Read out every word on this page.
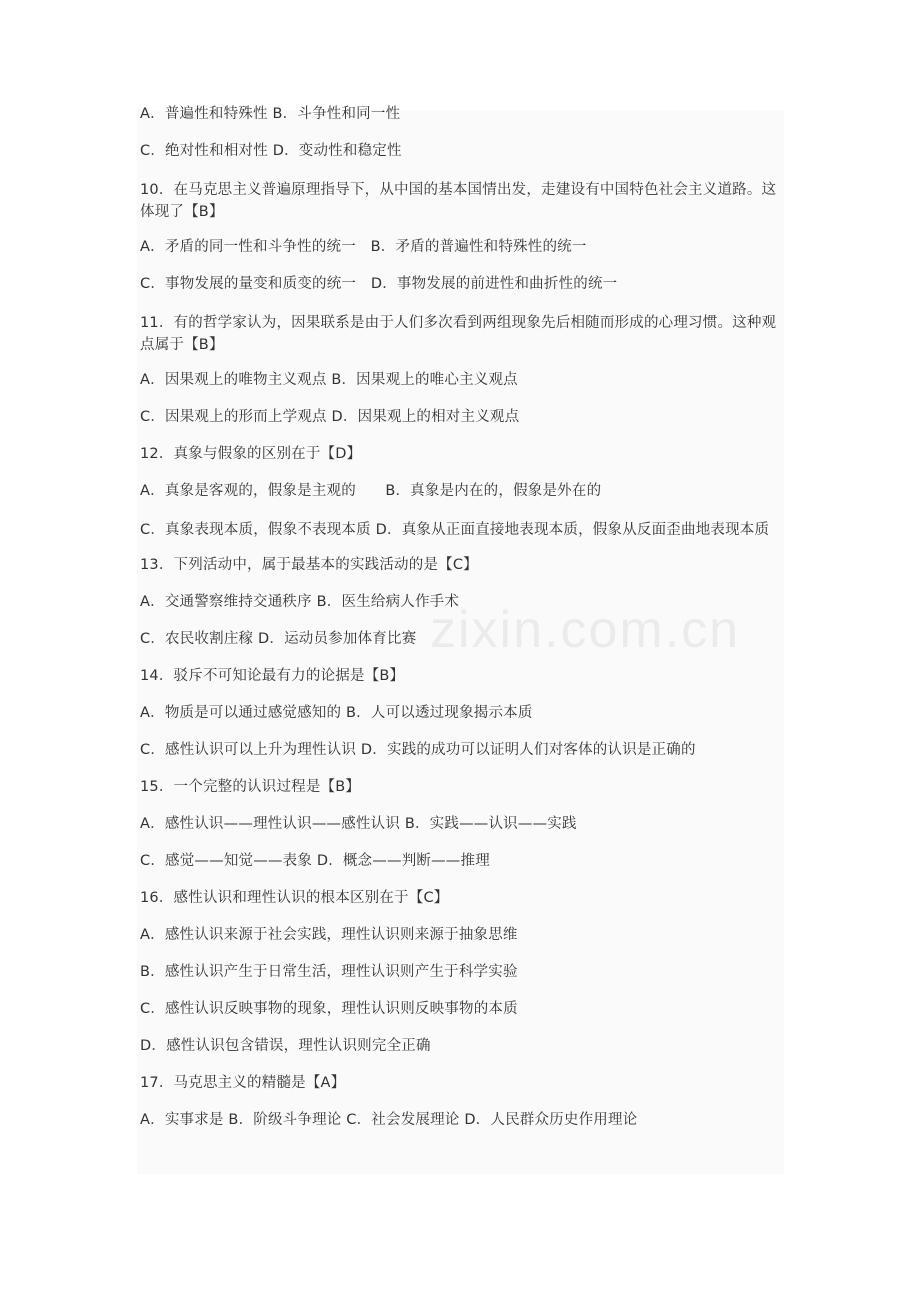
A．普遍性和特殊性 B．斗争性和同一性
C．绝对性和相对性 D．变动性和稳定性
10．在马克思主义普遍原理指导下，从中国的基本国情出发，走建设有中国特色社会主义道路。这体现了【B】
A．矛盾的同一性和斗争性的统一　B．矛盾的普遍性和特殊性的统一
C．事物发展的量变和质变的统一　D．事物发展的前进性和曲折性的统一
11．有的哲学家认为，因果联系是由于人们多次看到两组现象先后相随而形成的心理习惯。这种观点属于【B】
A．因果观上的唯物主义观点 B．因果观上的唯心主义观点
C．因果观上的形而上学观点 D．因果观上的相对主义观点
12．真象与假象的区别在于【D】
A．真象是客观的，假象是主观的　　B．真象是内在的，假象是外在的
C．真象表现本质，假象不表现本质 D．真象从正面直接地表现本质，假象从反面歪曲地表现本质
13．下列活动中，属于最基本的实践活动的是【C】
A．交通警察维持交通秩序 B．医生给病人作手术
C．农民收割庄稼 D．运动员参加体育比赛
14．驳斥不可知论最有力的论据是【B】
A．物质是可以通过感觉感知的 B．人可以透过现象揭示本质
C．感性认识可以上升为理性认识 D．实践的成功可以证明人们对客体的认识是正确的
15．一个完整的认识过程是【B】
A．感性认识——理性认识——感性认识 B．实践——认识——实践
C．感觉——知觉——表象 D．概念——判断——推理
16．感性认识和理性认识的根本区别在于【C】
A．感性认识来源于社会实践，理性认识则来源于抽象思维
B．感性认识产生于日常生活，理性认识则产生于科学实验
C．感性认识反映事物的现象，理性认识则反映事物的本质
D．感性认识包含错误，理性认识则完全正确
17．马克思主义的精髓是【A】
A．实事求是 B．阶级斗争理论 C．社会发展理论 D．人民群众历史作用理论
zixin.com.cn
